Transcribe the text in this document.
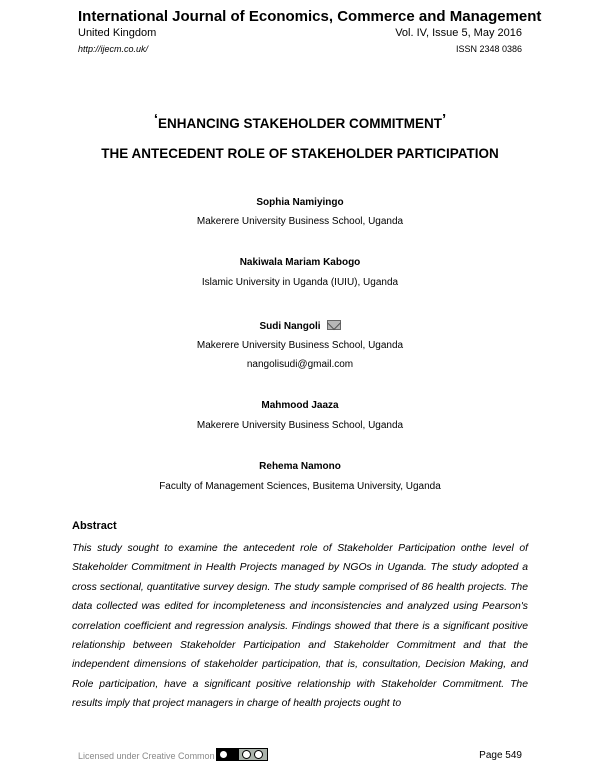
International Journal of Economics, Commerce and Management
United Kingdom	Vol. IV, Issue 5, May 2016
http://ijecm.co.uk/	ISSN 2348 0386
‘ENHANCING STAKEHOLDER COMMITMENT’
THE ANTECEDENT ROLE OF STAKEHOLDER PARTICIPATION
Sophia Namiyingo
Makerere University Business School, Uganda
Nakiwala Mariam Kabogo
Islamic University in Uganda (IUIU), Uganda
Sudi Nangoli
Makerere University Business School, Uganda
nangolisudi@gmail.com
Mahmood Jaaza
Makerere University Business School, Uganda
Rehema Namono
Faculty of Management Sciences, Busitema University, Uganda
Abstract
This study sought to examine the antecedent role of Stakeholder Participation onthe level of Stakeholder Commitment in Health Projects managed by NGOs in Uganda. The study adopted a cross sectional, quantitative survey design. The study sample comprised of 86 health projects. The data collected was edited for incompleteness and inconsistencies and analyzed using Pearson's correlation coefficient and regression analysis. Findings showed that there is a significant positive relationship between Stakeholder Participation and Stakeholder Commitment and that the independent dimensions of stakeholder participation, that is, consultation, Decision Making, and Role participation, have a significant positive relationship with Stakeholder Commitment. The results imply that project managers in charge of health projects ought to
Licensed under Creative Common	Page 549
